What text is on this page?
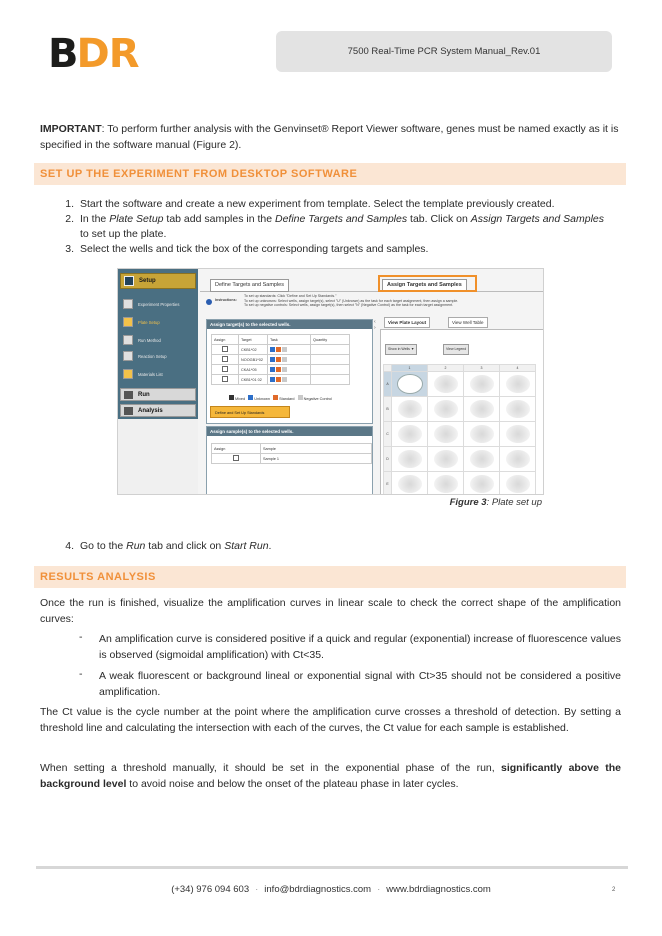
B DR	7500 Real-Time PCR System Manual_Rev.01

IMPORTANT: To perform further analysis with the Genvinset® Report Viewer software, genes must be named exactly as it is specified in the software manual (Figure 2).

SET UP THE EXPERIMENT FROM DESKTOP SOFTWARE
1. Start the software and create a new experiment from template. Select the template previously created.
2. In the Plate Setup tab add samples in the Define Targets and Samples tab. Click on Assign Targets and Samples to set up the plate.
3. Select the wells and tick the box of the corresponding targets and samples.
Setup
Experiment Properties
Plate Setup
Run Method
Reaction Setup
Materials List
Run
Analysis
Define Targets and Samples	Assign Targets and Samples
Instructions:
To set up standards: Click "Define and Set Up Standards."
To set up unknowns: Select wells, assign target(s), select "U" (Unknown) as the task for each target assignment, then assign a sample.
To set up negative controls: Select wells, assign target(s), then select "N" (Negative Control) as the task for each target assignment.
Assign target(s) to the selected wells.
Assign	Target	Task	Quantity
	CKB1*02		
	NOOGB1*02		
	CKA1*05		
	CKB1*01 02		
Mixed Unknown Standard Negative Control
Define and Set Up Standards
Assign sample(s) to the selected wells.
Assign	Sample
	Sample 1
View Plate Layout	View Well Table
Show in Wells ▼	View Legend
	1	2	3	4
A				
B				
C				
D				
E				
‹
›
Figure 3: Plate set up
4. Go to the Run tab and click on Start Run.
RESULTS ANALYSIS

Once the run is finished, visualize the amplification curves in linear scale to check the correct shape of the amplification curves:

- An amplification curve is considered positive if a quick and regular (exponential) increase of fluorescence values is observed (sigmoidal amplification) with Ct<35.
- A weak fluorescent or background lineal or exponential signal with Ct>35 should not be considered a positive amplification.

The Ct value is the cycle number at the point where the amplification curve crosses a threshold of detection. By setting a threshold line and calculating the intersection with each of the curves, the Ct value for each sample is established.

When setting a threshold manually, it should be set in the exponential phase of the run, significantly above the background level to avoid noise and below the onset of the plateau phase in later cycles.

(+34) 976 094 603 · info@bdrdiagnostics.com · www.bdrdiagnostics.com	2
